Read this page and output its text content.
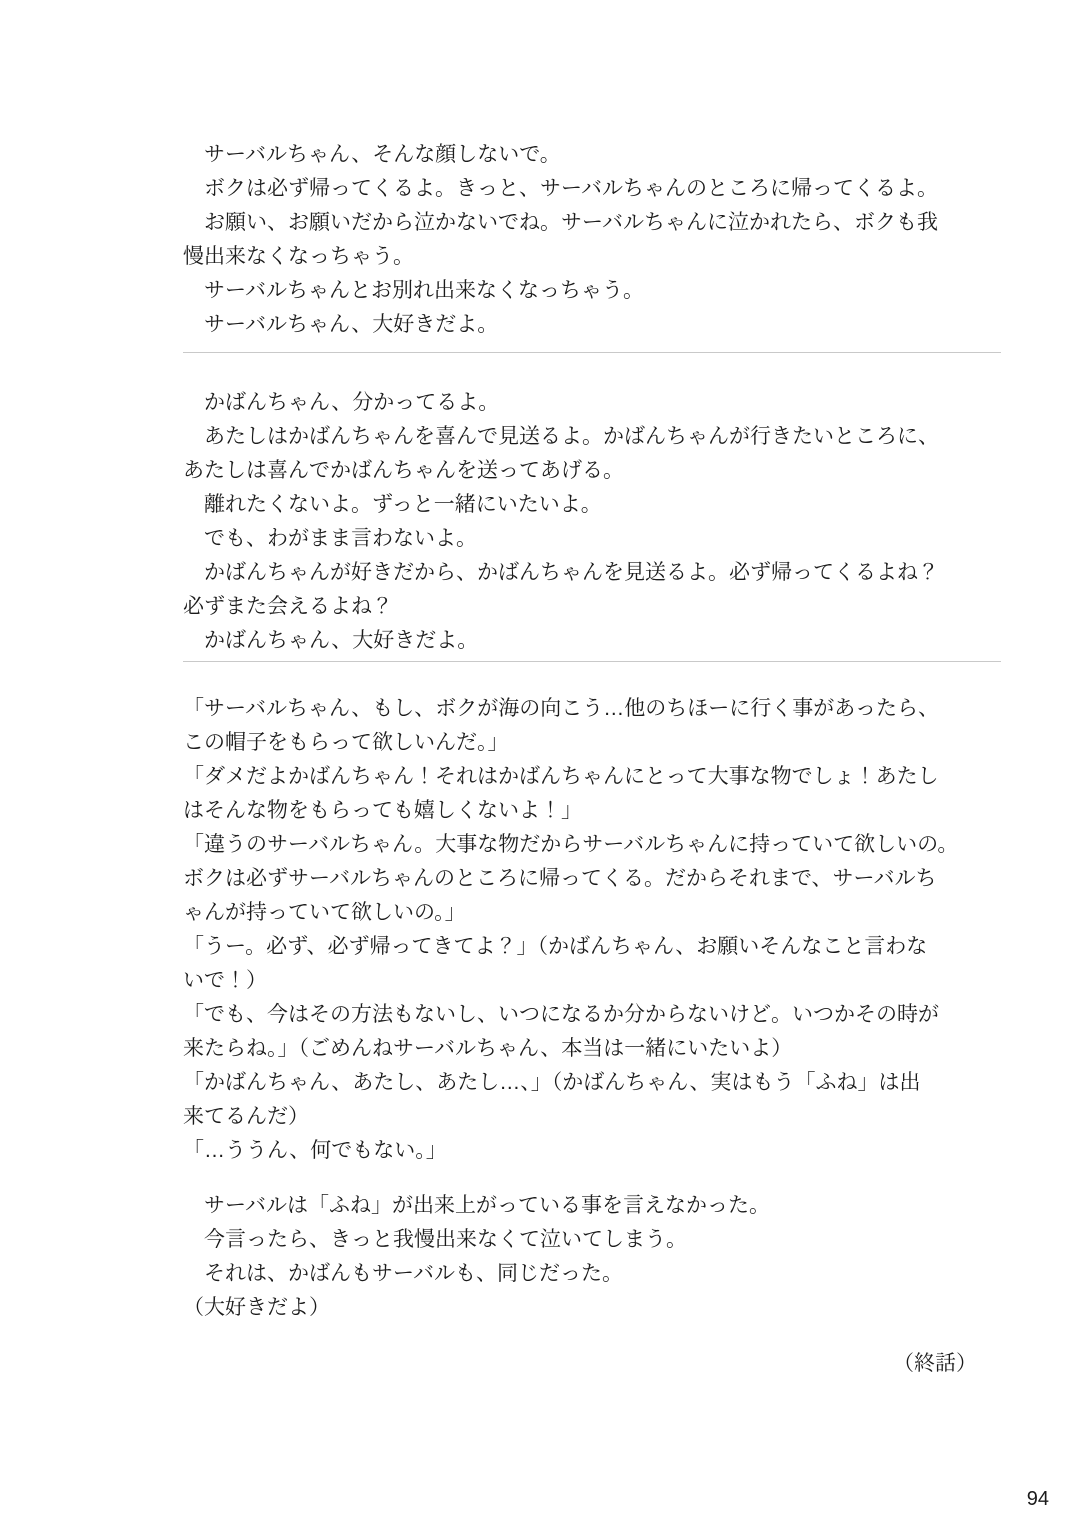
　サーバルちゃん、そんな顔しないで。
　ボクは必ず帰ってくるよ。きっと、サーバルちゃんのところに帰ってくるよ。
　お願い、お願いだから泣かないでね。サーバルちゃんに泣かれたら、ボクも我
慢出来なくなっちゃう。
　サーバルちゃんとお別れ出来なくなっちゃう。
　サーバルちゃん、大好きだよ。
　かばんちゃん、分かってるよ。
　あたしはかばんちゃんを喜んで見送るよ。かばんちゃんが行きたいところに、
あたしは喜んでかばんちゃんを送ってあげる。
　離れたくないよ。ずっと一緒にいたいよ。
　でも、わがまま言わないよ。
　かばんちゃんが好きだから、かばんちゃんを見送るよ。必ず帰ってくるよね？
必ずまた会えるよね？
　かばんちゃん、大好きだよ。
「サーバルちゃん、もし、ボクが海の向こう…他のちほーに行く事があったら、
この帽子をもらって欲しいんだ。」
「ダメだよかばんちゃん！それはかばんちゃんにとって大事な物でしょ！あたし
はそんな物をもらっても嬉しくないよ！」
「違うのサーバルちゃん。大事な物だからサーバルちゃんに持っていて欲しいの。
ボクは必ずサーバルちゃんのところに帰ってくる。だからそれまで、サーバルち
ゃんが持っていて欲しいの。」
「うー。必ず、必ず帰ってきてよ？」（かばんちゃん、お願いそんなこと言わな
いで！）
「でも、今はその方法もないし、いつになるか分からないけど。いつかその時が
来たらね。」（ごめんねサーバルちゃん、本当は一緒にいたいよ）
「かばんちゃん、あたし、あたし…、」（かばんちゃん、実はもう「ふね」は出
来てるんだ）
「…ううん、何でもない。」
　サーバルは「ふね」が出来上がっている事を言えなかった。
　今言ったら、きっと我慢出来なくて泣いてしまう。
　それは、かばんもサーバルも、同じだった。
（大好きだよ）
（終話）
94
